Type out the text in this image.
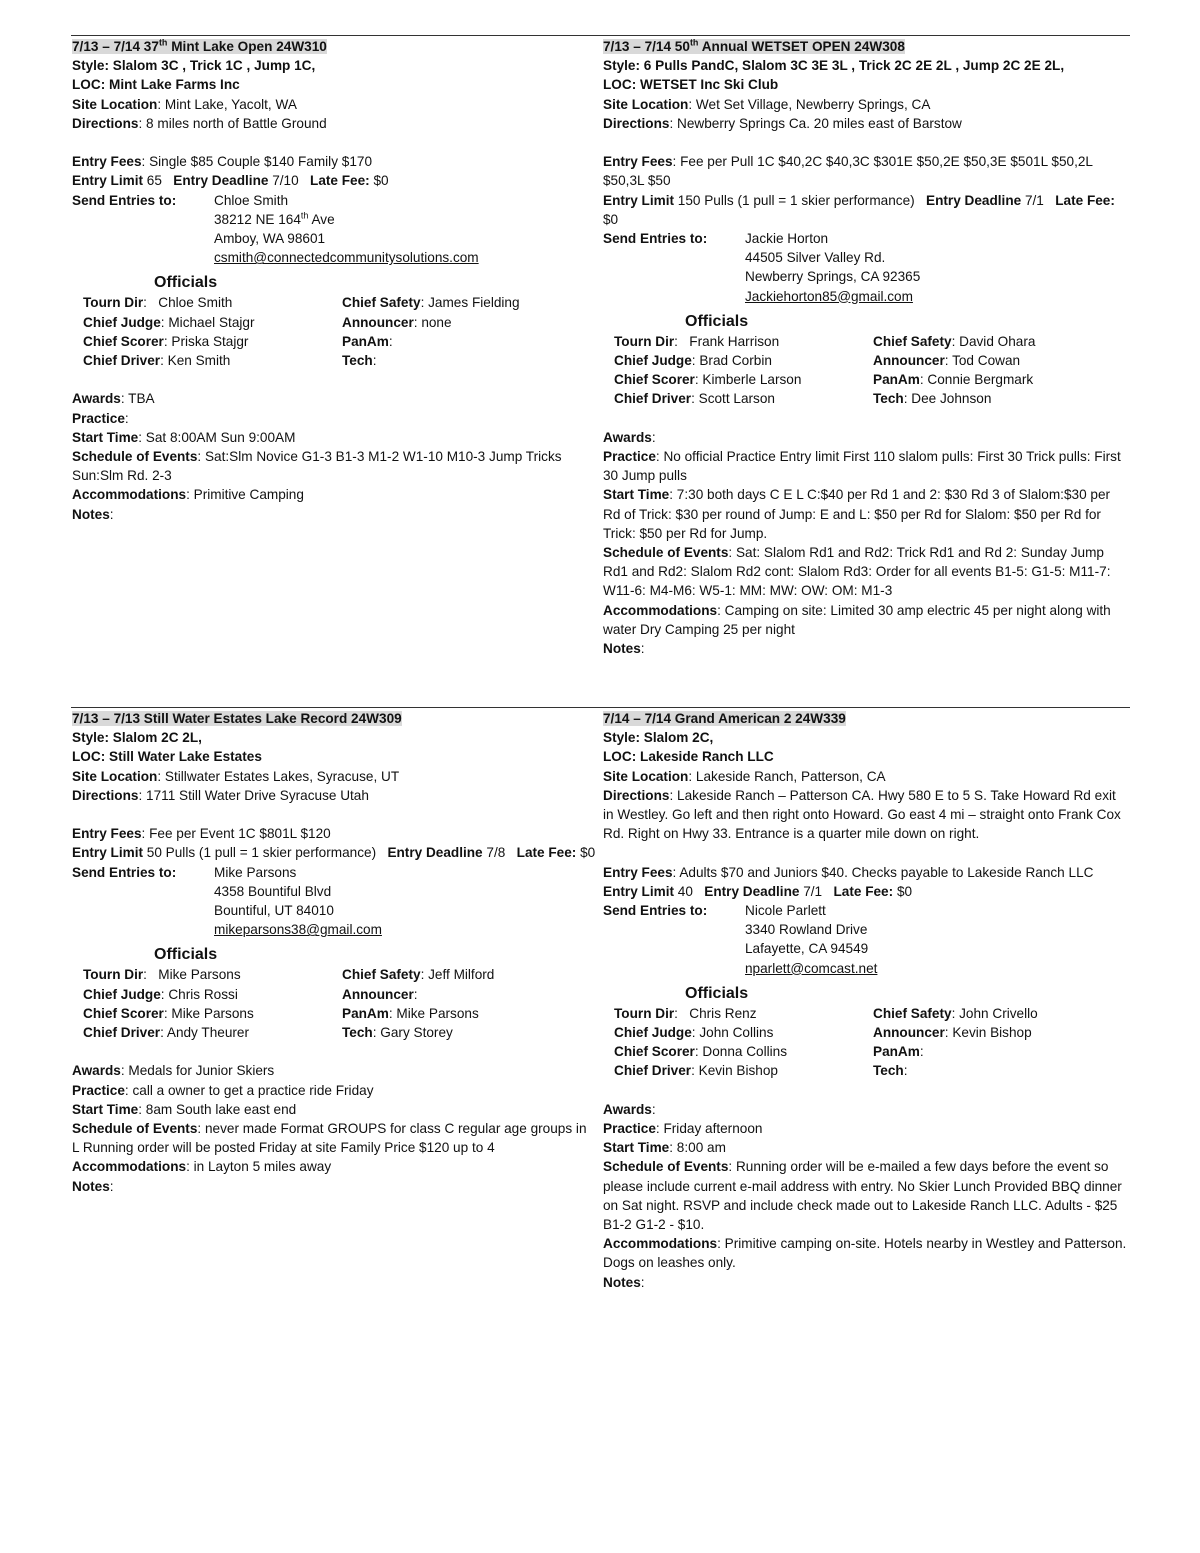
7/13 – 7/14 37th Mint Lake Open 24W310
Style: Slalom 3C , Trick 1C , Jump 1C,
LOC: Mint Lake Farms Inc
Site Location: Mint Lake, Yacolt, WA
Directions: 8 miles north of Battle Ground
Entry Fees: Single $85 Couple $140 Family $170
Entry Limit 65 Entry Deadline 7/10 Late Fee: $0
Send Entries to:	Chloe Smith
38212 NE 164th Ave
Amboy, WA 98601
csmith@connectedcommunitysolutions.com
Officials
Tourn Dir:   Chloe Smith	Chief Safety: James Fielding
Chief Judge: Michael Stajgr	Announcer: none
Chief Scorer: Priska Stajgr	PanAm:
Chief Driver: Ken Smith	Tech:
Awards: TBA
Practice:
Start Time: Sat 8:00AM Sun 9:00AM
Schedule of Events: Sat:Slm Novice G1-3 B1-3 M1-2 W1-10 M10-3 Jump Tricks Sun:Slm Rd. 2-3
Accommodations: Primitive Camping
Notes:
7/13 – 7/14 50th Annual WETSET OPEN 24W308
Style: 6 Pulls PandC, Slalom 3C 3E 3L , Trick 2C 2E 2L , Jump 2C 2E 2L,
LOC: WETSET Inc Ski Club
Site Location: Wet Set Village, Newberry Springs, CA
Directions: Newberry Springs Ca. 20 miles east of Barstow
Entry Fees: Fee per Pull 1C $40,2C $40,3C $301E $50,2E $50,3E $501L $50,2L $50,3L $50
Entry Limit 150 Pulls (1 pull = 1 skier performance) Entry Deadline 7/1 Late Fee: $0
Send Entries to:	Jackie Horton
44505 Silver Valley Rd.
Newberry Springs, CA 92365
Jackiehorton85@gmail.com
Officials
Tourn Dir:   Frank Harrison	Chief Safety: David Ohara
Chief Judge: Brad Corbin	Announcer: Tod Cowan
Chief Scorer: Kimberle Larson	PanAm: Connie Bergmark
Chief Driver: Scott Larson	Tech: Dee Johnson
Awards:
Practice: No official Practice Entry limit First 110 slalom pulls: First 30 Trick pulls: First 30 Jump pulls
Start Time: 7:30 both days C E L C:$40 per Rd 1 and 2: $30 Rd 3 of Slalom:$30 per Rd of Trick: $30 per round of Jump: E and L: $50 per Rd for Slalom: $50 per Rd for Trick: $50 per Rd for Jump.
Schedule of Events: Sat: Slalom Rd1 and Rd2: Trick Rd1 and Rd 2: Sunday Jump Rd1 and Rd2: Slalom Rd2 cont: Slalom Rd3: Order for all events B1-5: G1-5: M11-7: W11-6: M4-M6: W5-1: MM: MW: OW: OM: M1-3
Accommodations: Camping on site: Limited 30 amp electric 45 per night along with water Dry Camping 25 per night
Notes:
7/13 – 7/13 Still Water Estates Lake Record 24W309
Style: Slalom 2C 2L,
LOC: Still Water Lake Estates
Site Location: Stillwater Estates Lakes, Syracuse, UT
Directions: 1711 Still Water Drive Syracuse Utah
Entry Fees: Fee per Event 1C $801L $120
Entry Limit 50 Pulls (1 pull = 1 skier performance) Entry Deadline 7/8 Late Fee: $0
Send Entries to:	Mike Parsons
4358 Bountiful Blvd
Bountiful, UT 84010
mikeparsons38@gmail.com
Officials
Tourn Dir:   Mike Parsons	Chief Safety: Jeff Milford
Chief Judge: Chris Rossi	Announcer:
Chief Scorer: Mike Parsons	PanAm: Mike Parsons
Chief Driver: Andy Theurer	Tech: Gary Storey
Awards: Medals for Junior Skiers
Practice: call a owner to get a practice ride Friday
Start Time: 8am South lake east end
Schedule of Events: never made Format GROUPS for class C regular age groups in L Running order will be posted Friday at site Family Price $120 up to 4
Accommodations: in Layton 5 miles away
Notes:
7/14 – 7/14 Grand American 2 24W339
Style: Slalom 2C,
LOC: Lakeside Ranch LLC
Site Location: Lakeside Ranch, Patterson, CA
Directions: Lakeside Ranch – Patterson CA. Hwy 580 E to 5 S. Take Howard Rd exit in Westley. Go left and then right onto Howard. Go east 4 mi – straight onto Frank Cox Rd. Right on Hwy 33. Entrance is a quarter mile down on right.
Entry Fees: Adults $70 and Juniors $40. Checks payable to Lakeside Ranch LLC
Entry Limit 40 Entry Deadline 7/1 Late Fee: $0
Send Entries to:	Nicole Parlett
3340 Rowland Drive
Lafayette, CA 94549
nparlett@comcast.net
Officials
Tourn Dir:   Chris Renz	Chief Safety: John Crivello
Chief Judge: John Collins	Announcer: Kevin Bishop
Chief Scorer: Donna Collins	PanAm:
Chief Driver: Kevin Bishop	Tech:
Awards:
Practice: Friday afternoon
Start Time: 8:00 am
Schedule of Events: Running order will be e-mailed a few days before the event so please include current e-mail address with entry. No Skier Lunch Provided BBQ dinner on Sat night. RSVP and include check made out to Lakeside Ranch LLC. Adults - $25 B1-2 G1-2 - $10.
Accommodations: Primitive camping on-site. Hotels nearby in Westley and Patterson. Dogs on leashes only.
Notes:
